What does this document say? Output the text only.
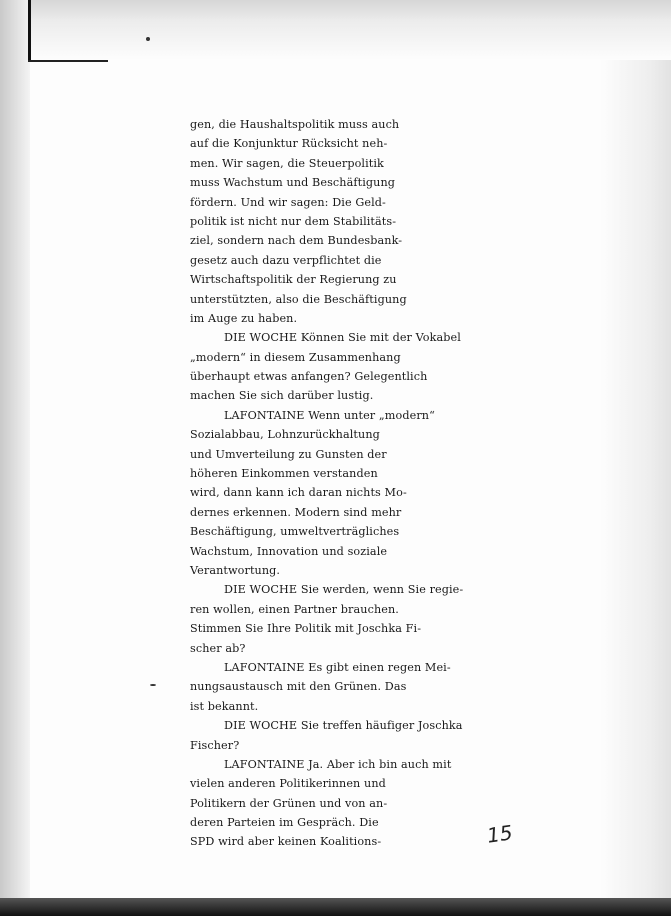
gen, die Haushaltspolitik muss auch
auf die Konjunktur Rücksicht neh-
men. Wir sagen, die Steuerpolitik
muss Wachstum und Beschäftigung
fördern. Und wir sagen: Die Geld-
politik ist nicht nur dem Stabilitäts-
ziel, sondern nach dem Bundesbank-
gesetz auch dazu verpflichtet die
Wirtschaftspolitik der Regierung zu
unterstützten, also die Beschäftigung
im Auge zu haben.
DIE WOCHE Können Sie mit der Vokabel
„modern“ in diesem Zusammenhang
überhaupt etwas anfangen? Gelegentlich
machen Sie sich darüber lustig.
LAFONTAINE Wenn unter „modern“
Sozialabbau, Lohnzurückhaltung
und Umverteilung zu Gunsten der
höheren Einkommen verstanden
wird, dann kann ich daran nichts Mo-
dernes erkennen. Modern sind mehr
Beschäftigung, umweltverträgliches
Wachstum, Innovation und soziale
Verantwortung.
DIE WOCHE Sie werden, wenn Sie regie-
ren wollen, einen Partner brauchen.
Stimmen Sie Ihre Politik mit Joschka Fi-
scher ab?
LAFONTAINE Es gibt einen regen Mei-
nungsaustausch mit den Grünen. Das
ist bekannt.
DIE WOCHE Sie treffen häufiger Joschka
Fischer?
LAFONTAINE Ja. Aber ich bin auch mit
vielen anderen Politikerinnen und
Politikern der Grünen und von an-
deren Parteien im Gespräch. Die
SPD wird aber keinen Koalitions-	15
